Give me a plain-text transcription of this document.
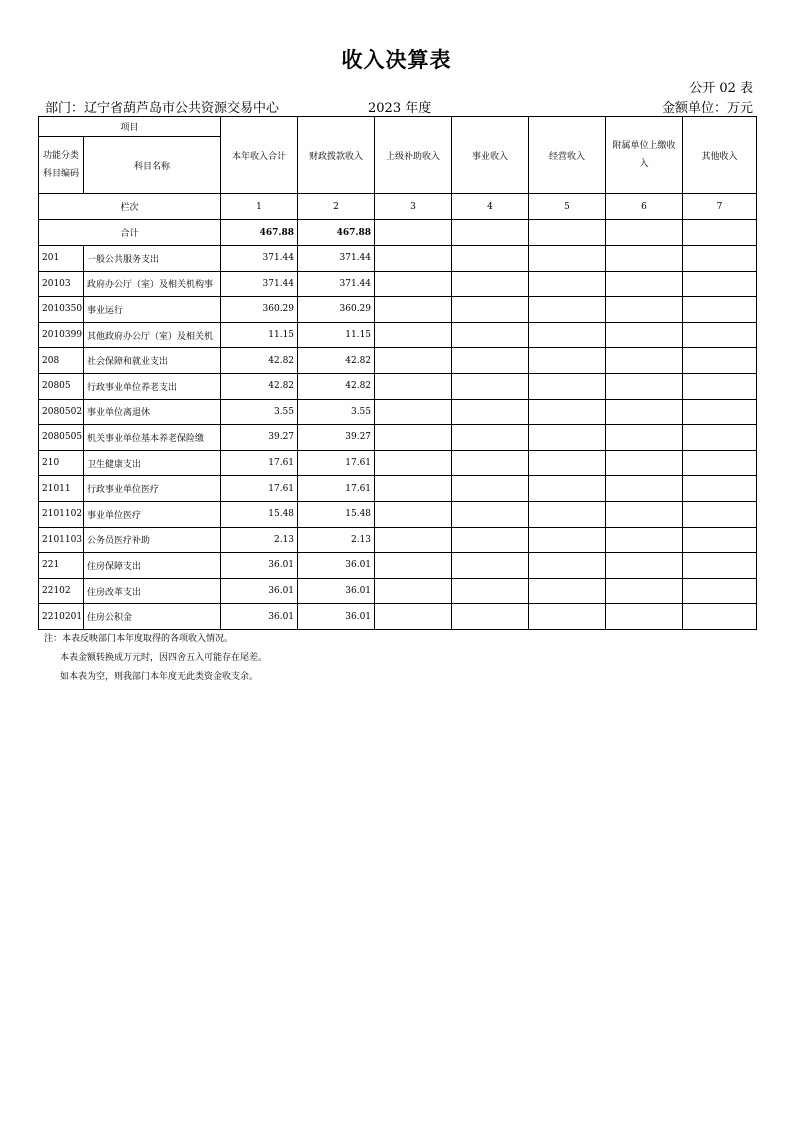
收入决算表
公开 02 表
部门：辽宁省葫芦岛市公共资源交易中心	2023 年度	金额单位：万元
项目		本年收入合计	财政拨款收入	上级补助收入	事业收入	经营收入	附属单位上缴收入	其他收入
功能分类科目编码	科目名称							
栏次		1	2	3	4	5	6	7
合计		467.88	467.88					
201	一般公共服务支出	371.44	371.44					
20103	政府办公厅（室）及相关机构事	371.44	371.44					
2010350	事业运行	360.29	360.29					
2010399	其他政府办公厅（室）及相关机	11.15	11.15					
208	社会保障和就业支出	42.82	42.82					
20805	行政事业单位养老支出	42.82	42.82					
2080502	事业单位离退休	3.55	3.55					
2080505	机关事业单位基本养老保险缴	39.27	39.27					
210	卫生健康支出	17.61	17.61					
21011	行政事业单位医疗	17.61	17.61					
2101102	事业单位医疗	15.48	15.48					
2101103	公务员医疗补助	2.13	2.13					
221	住房保障支出	36.01	36.01					
22102	住房改革支出	36.01	36.01					
2210201	住房公积金	36.01	36.01					
注：本表反映部门本年度取得的各项收入情况。
本表金额转换成万元时，因四舍五入可能存在尾差。
如本表为空，则我部门本年度无此类资金收支余。
